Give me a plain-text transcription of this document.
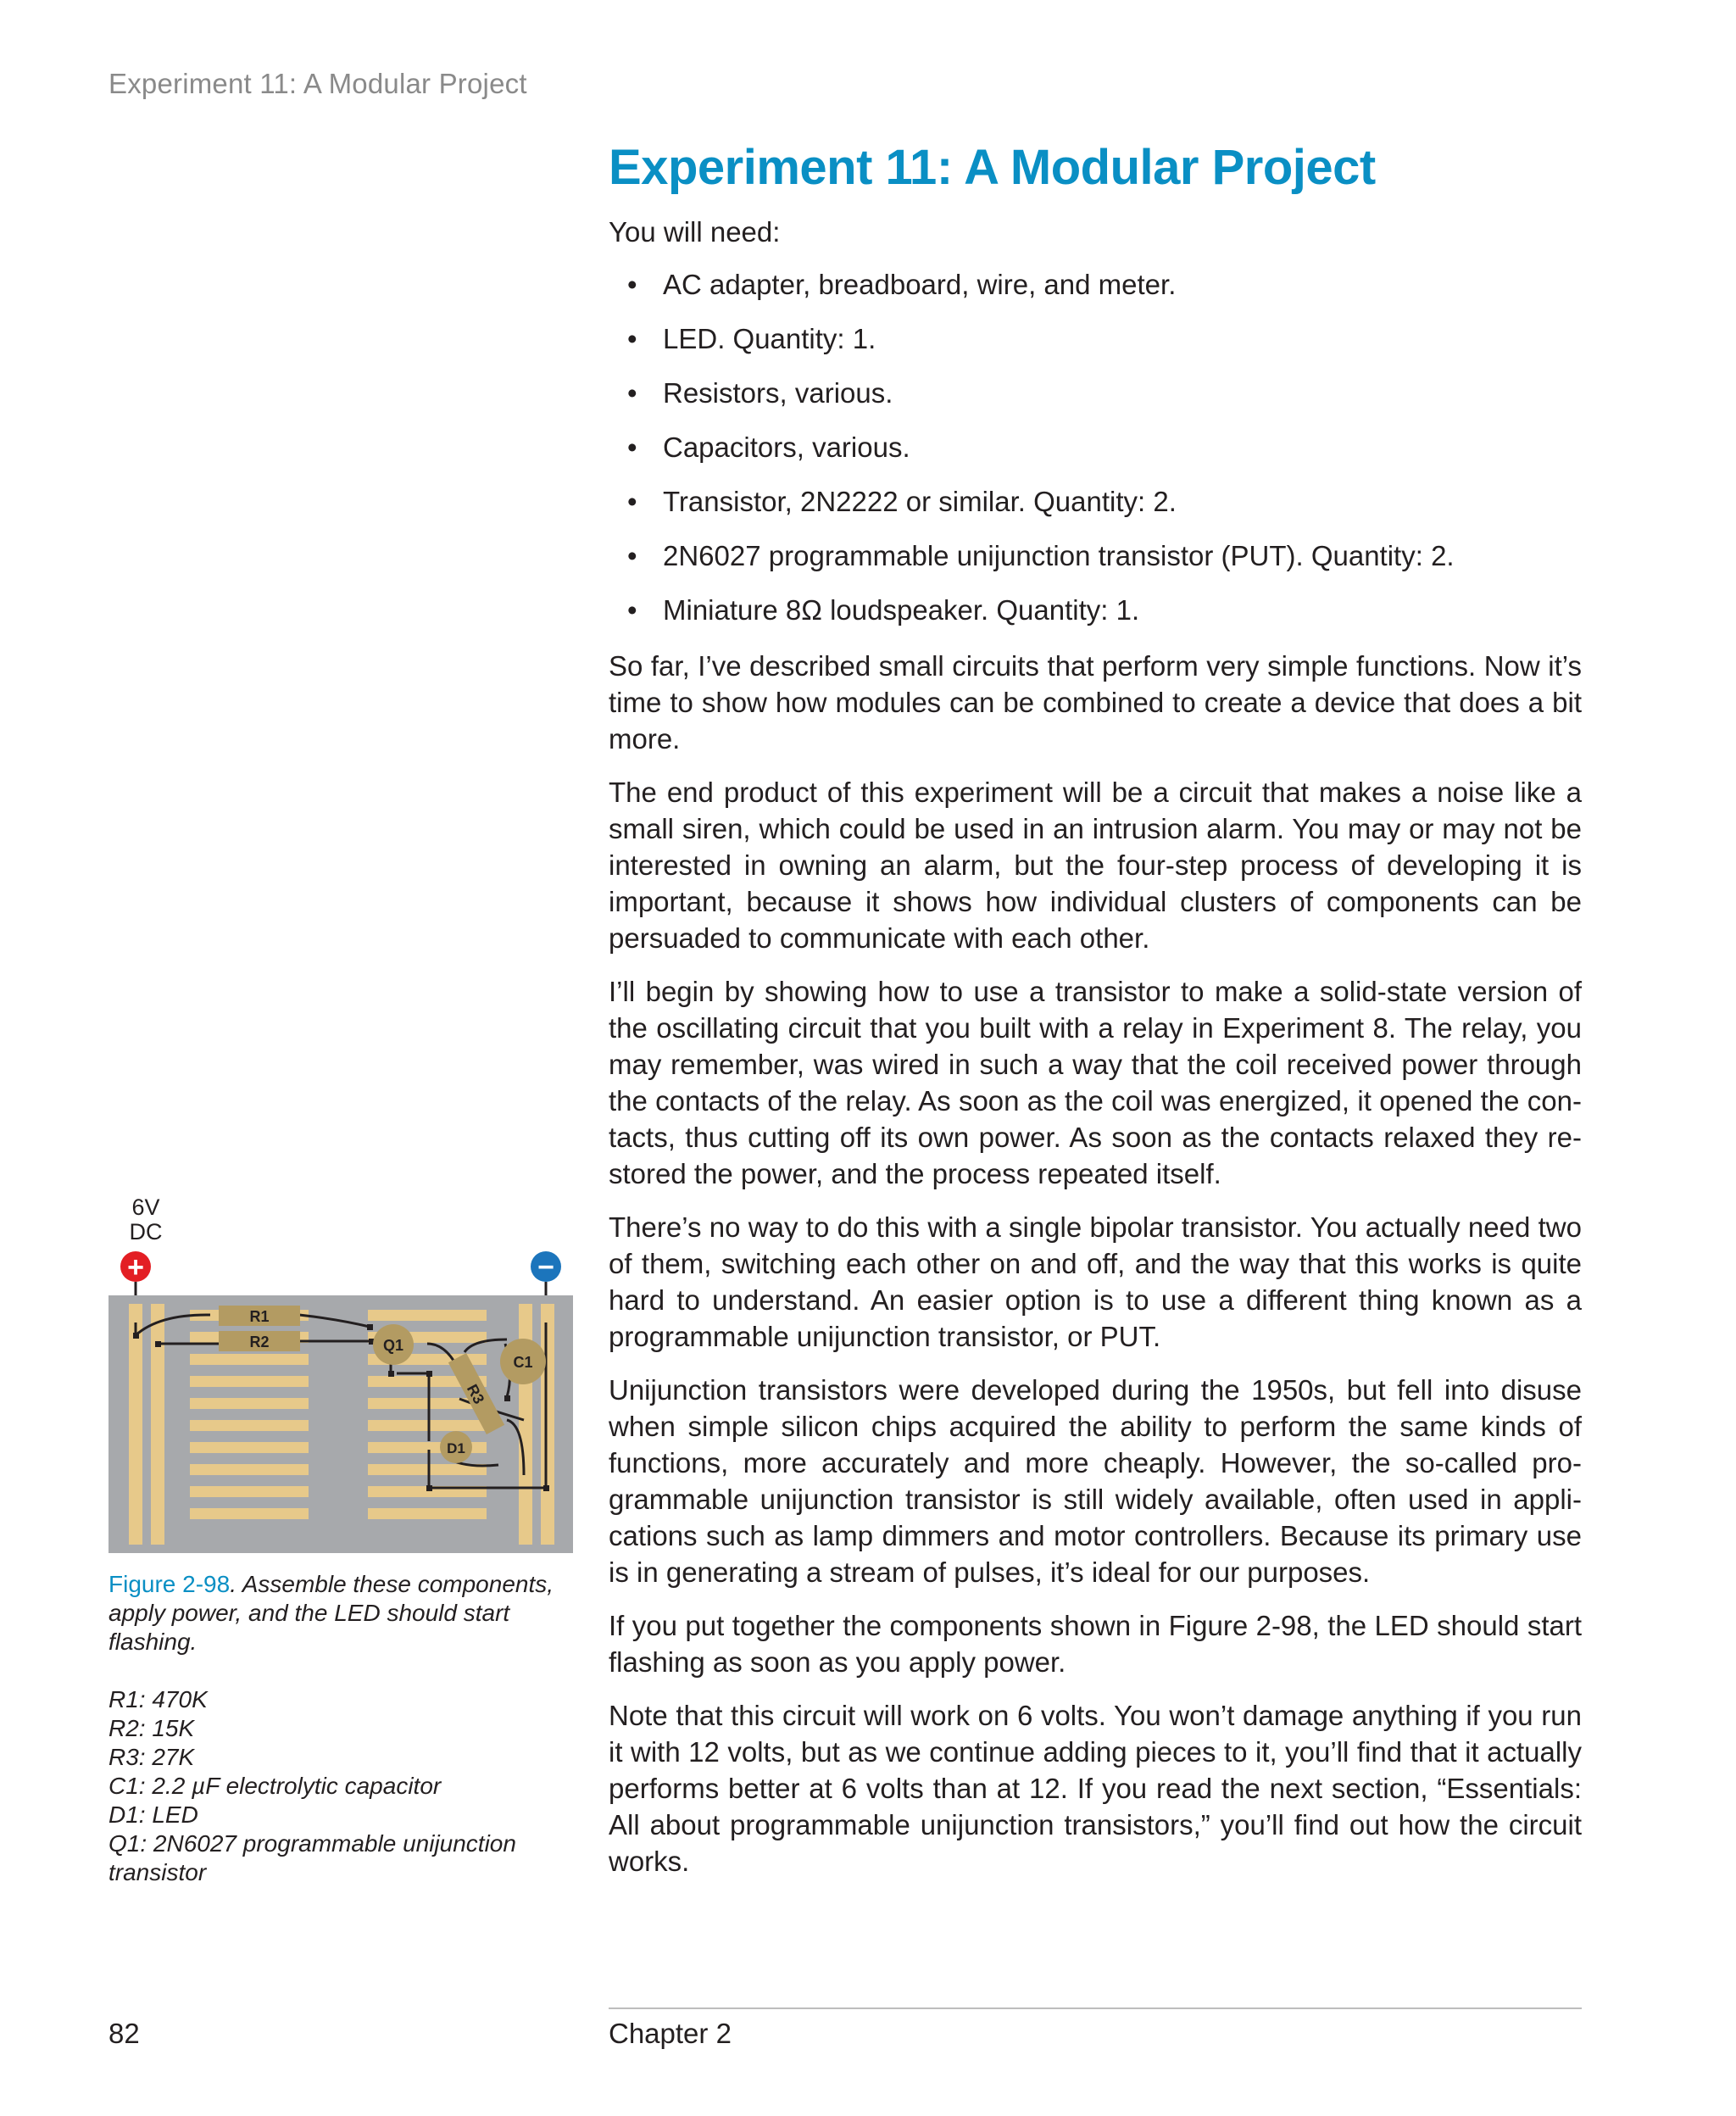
Experiment 11: A Modular Project
Experiment 11: A Modular Project

You will need:

• AC adapter, breadboard, wire, and meter.
• LED. Quantity: 1.
• Resistors, various.
• Capacitors, various.
• Transistor, 2N2222 or similar. Quantity: 2.
• 2N6027 programmable unijunction transistor (PUT). Quantity: 2.
• Miniature 8Ω loudspeaker. Quantity: 1.

So far, I’ve described small circuits that perform very simple functions. Now it’s time to show how modules can be combined to create a device that does a bit more.

The end product of this experiment will be a circuit that makes a noise like a small siren, which could be used in an intrusion alarm. You may or may not be interested in owning an alarm, but the four-step process of developing it is important, because it shows how individual clusters of components can be persuaded to communicate with each other.

I’ll begin by showing how to use a transistor to make a solid-state version of the oscillating circuit that you built with a relay in Experiment 8. The relay, you may remember, was wired in such a way that the coil received power through the contacts of the relay. As soon as the coil was energized, it opened the con-tacts, thus cutting off its own power. As soon as the contacts relaxed they re-stored the power, and the process repeated itself.

There’s no way to do this with a single bipolar transistor. You actually need two of them, switching each other on and off, and the way that this works is quite hard to understand. An easier option is to use a different thing known as a programmable unijunction transistor, or PUT.

Unijunction transistors were developed during the 1950s, but fell into disuse when simple silicon chips acquired the ability to perform the same kinds of functions, more accurately and more cheaply. However, the so-called pro-grammable unijunction transistor is still widely available, often used in appli-cations such as lamp dimmers and motor controllers. Because its primary use is in generating a stream of pulses, it’s ideal for our purposes.

If you put together the components shown in Figure 2-98, the LED should start flashing as soon as you apply power.

Note that this circuit will work on 6 volts. You won’t damage anything if you run it with 12 volts, but as we continue adding pieces to it, you’ll find that it actually performs better at 6 volts than at 12. If you read the next section, “Essentials: All about programmable unijunction transistors,” you’ll find out how the circuit works.

6V
DC
+	−
R1
R2
R3
Q1
C1
D1
Figure 2-98. Assemble these components, apply power, and the LED should start flashing.
R1: 470K
R2: 15K
R3: 27K
C1: 2.2 µF electrolytic capacitor
D1: LED
Q1: 2N6027 programmable unijunction transistor
82	Chapter 2
